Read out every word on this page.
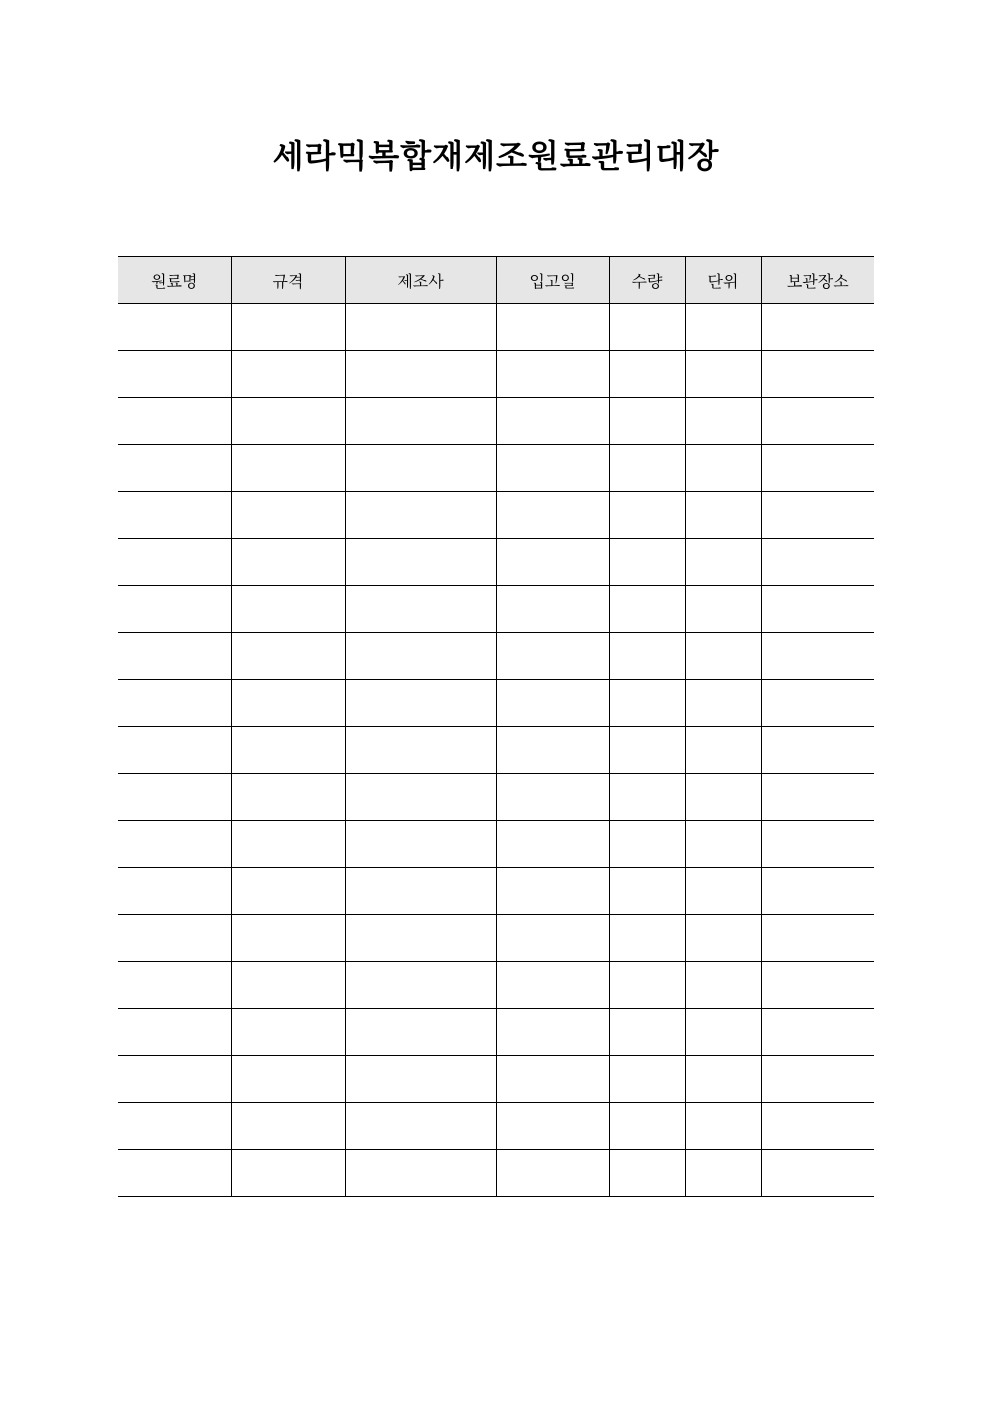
세라믹복합재제조원료관리대장
원료명	규격	제조사	입고일	수량	단위	보관장소
